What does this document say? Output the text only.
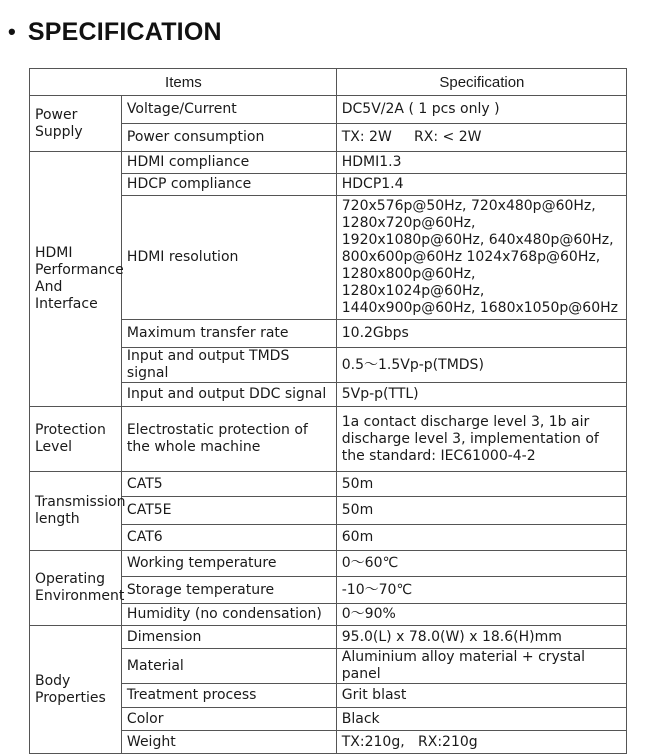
• SPECIFICATION
Items		Specification
Power Supply	Voltage/Current	DC5V/2A ( 1 pcs only )
	Power consumption	TX: 2W     RX: < 2W
HDMI Performance And Interface	HDMI compliance	HDMI1.3
	HDCP compliance	HDCP1.4
	HDMI resolution	720x576p@50Hz, 720x480p@60Hz, 1280x720p@60Hz, 1920x1080p@60Hz, 640x480p@60Hz, 800x600p@60Hz 1024x768p@60Hz, 1280x800p@60Hz, 1280x1024p@60Hz, 1440x900p@60Hz, 1680x1050p@60Hz
	Maximum transfer rate	10.2Gbps
	Input and output TMDS signal	0.5～1.5Vp-p(TMDS)
	Input and output DDC signal	5Vp-p(TTL)
Protection Level	Electrostatic protection of the whole machine	1a contact discharge level 3, 1b air discharge level 3, implementation of the standard: IEC61000-4-2
Transmission length	CAT5	50m
	CAT5E	50m
	CAT6	60m
Operating Environment	Working temperature	0～60℃
	Storage temperature	-10～70℃
	Humidity (no condensation)	0～90%
Body Properties	Dimension	95.0(L) x 78.0(W) x 18.6(H)mm
	Material	Aluminium alloy material + crystal panel
	Treatment process	Grit blast
	Color	Black
	Weight	TX:210g,   RX:210g
